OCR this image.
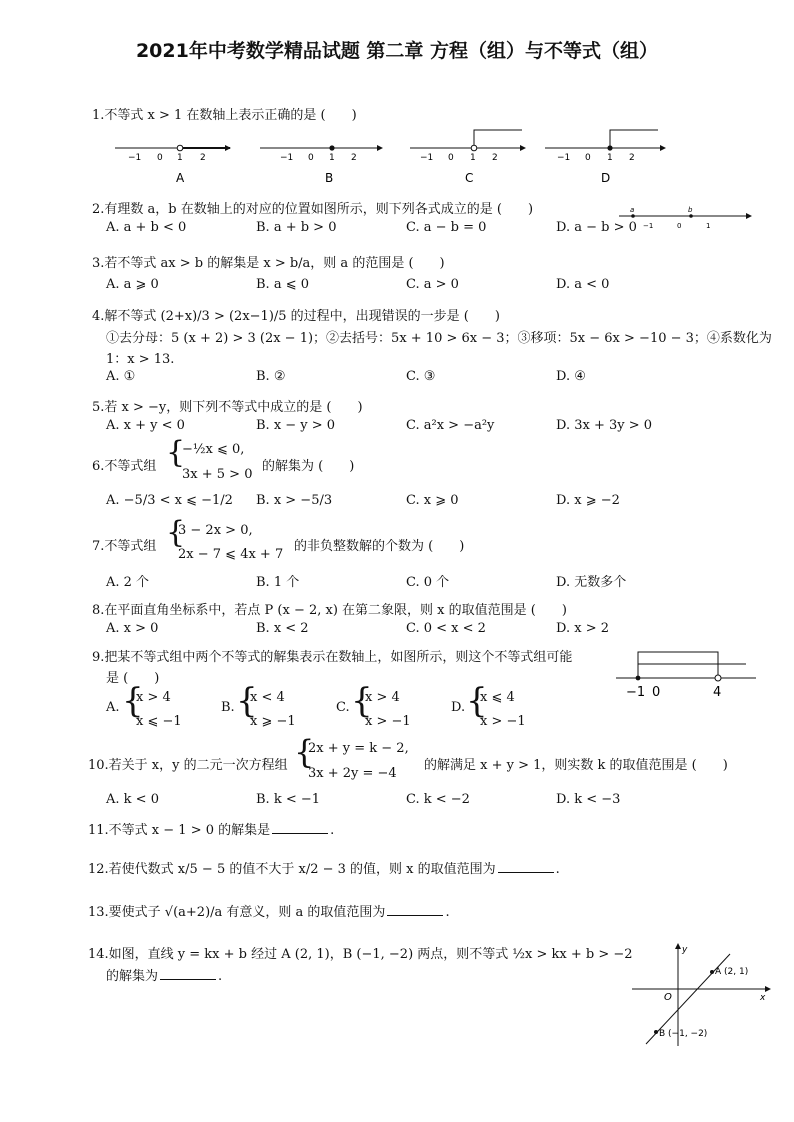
2021年中考数学精品试题 第二章 方程（组）与不等式（组）
1.不等式 x > 1 在数轴上表示正确的是 (　　)
−1 0 1 2
A
−1 0 1 2
B
−1 0 1 2
C
−1 0 1 2
D
2.有理数 a，b 在数轴上的对应的位置如图所示，则下列各式成立的是 (　　)
A. a + b < 0	B. a + b > 0	C. a − b = 0	D. a − b > 0
a	b
−1	0	1
3.若不等式 ax > b 的解集是 x > b/a，则 a 的范围是 (　　)
A. a ⩾ 0	B. a ⩽ 0	C. a > 0	D. a < 0
4.解不等式 (2+x)/3 > (2x−1)/5 的过程中，出现错误的一步是 (　　)
①去分母：5 (x + 2) > 3 (2x − 1)；②去括号：5x + 10 > 6x − 3；③移项：5x − 6x > −10 − 3；④系数化为
1：x > 13.
A. ①	B. ②	C. ③	D. ④
5.若 x > −y，则下列不等式中成立的是 (　　)
A. x + y < 0	B. x − y > 0	C. a²x > −a²y	D. 3x + 3y > 0
6.不等式组 {
−½x ⩽ 0,
3x + 5 > 0
的解集为 (　　)
A. −5/3 < x ⩽ −1/2 B. x > −5/3	C. x ⩾ 0	D. x ⩾ −2
7.不等式组 {
3 − 2x > 0,
2x − 7 ⩽ 4x + 7
的非负整数解的个数为 (　　)
A. 2 个	B. 1 个	C. 0 个	D. 无数多个
8.在平面直角坐标系中，若点 P (x − 2, x) 在第二象限，则 x 的取值范围是 (　　)
A. x > 0	B. x < 2	C. 0 < x < 2	D. x > 2
9.把某不等式组中两个不等式的解集表示在数轴上，如图所示，则这个不等式组可能
是 (　　)
A. {
x > 4
x ⩽ −1
B. {
x < 4
x ⩾ −1
C. {
x > 4
x > −1
D. {
x ⩽ 4
x > −1
−1 0	4
10.若关于 x，y 的二元一次方程组 {
2x + y = k − 2,
3x + 2y = −4
的解满足 x + y > 1，则实数 k 的取值范围是 (　　)
A. k < 0	B. k < −1	C. k < −2	D. k < −3
11.不等式 x − 1 > 0 的解集是	.
12.若使代数式 x/5 − 5 的值不大于 x/2 − 3 的值，则 x 的取值范围为	.
13.要使式子 √(a+2)/a 有意义，则 a 的取值范围为	.
14.如图，直线 y = kx + b 经过 A (2, 1)，B (−1, −2) 两点，则不等式 ½x > kx + b > −2
的解集为	.
y
x
O
A (2, 1)
B (−1, −2)
